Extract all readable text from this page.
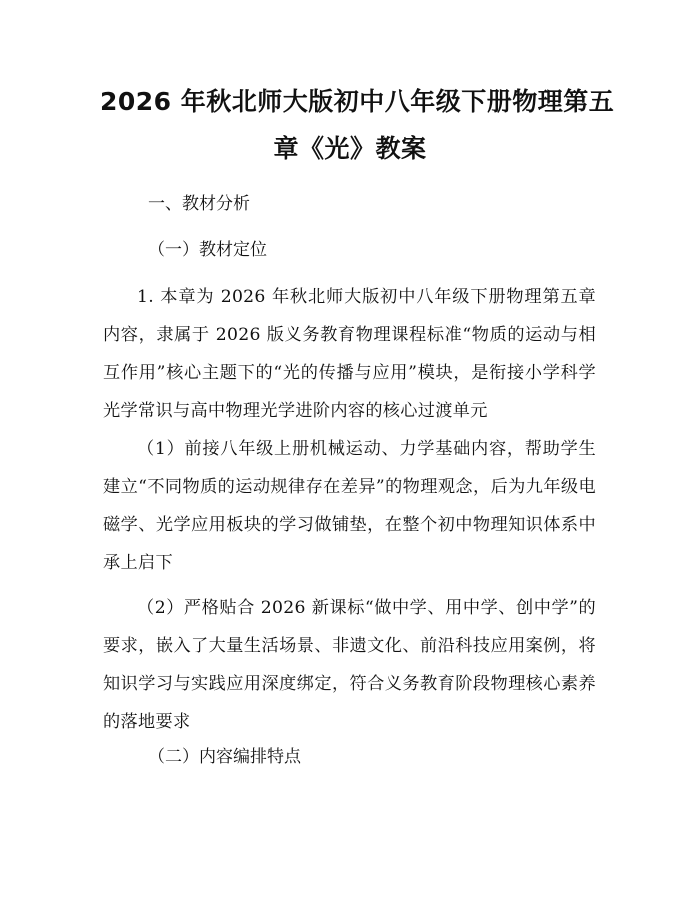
2026 年秋北师大版初中八年级下册物理第五
章《光》教案
一、教材分析
（一）教材定位

1. 本章为 2026 年秋北师大版初中八年级下册物理第五章内容，隶属于 2026 版义务教育物理课程标准“物质的运动与相互作用”核心主题下的“光的传播与应用”模块，是衔接小学科学光学常识与高中物理光学进阶内容的核心过渡单元

（1）前接八年级上册机械运动、力学基础内容，帮助学生建立“不同物质的运动规律存在差异”的物理观念，后为九年级电磁学、光学应用板块的学习做铺垫，在整个初中物理知识体系中承上启下

（2）严格贴合 2026 新课标“做中学、用中学、创中学”的要求，嵌入了大量生活场景、非遗文化、前沿科技应用案例，将知识学习与实践应用深度绑定，符合义务教育阶段物理核心素养的落地要求

（二）内容编排特点
